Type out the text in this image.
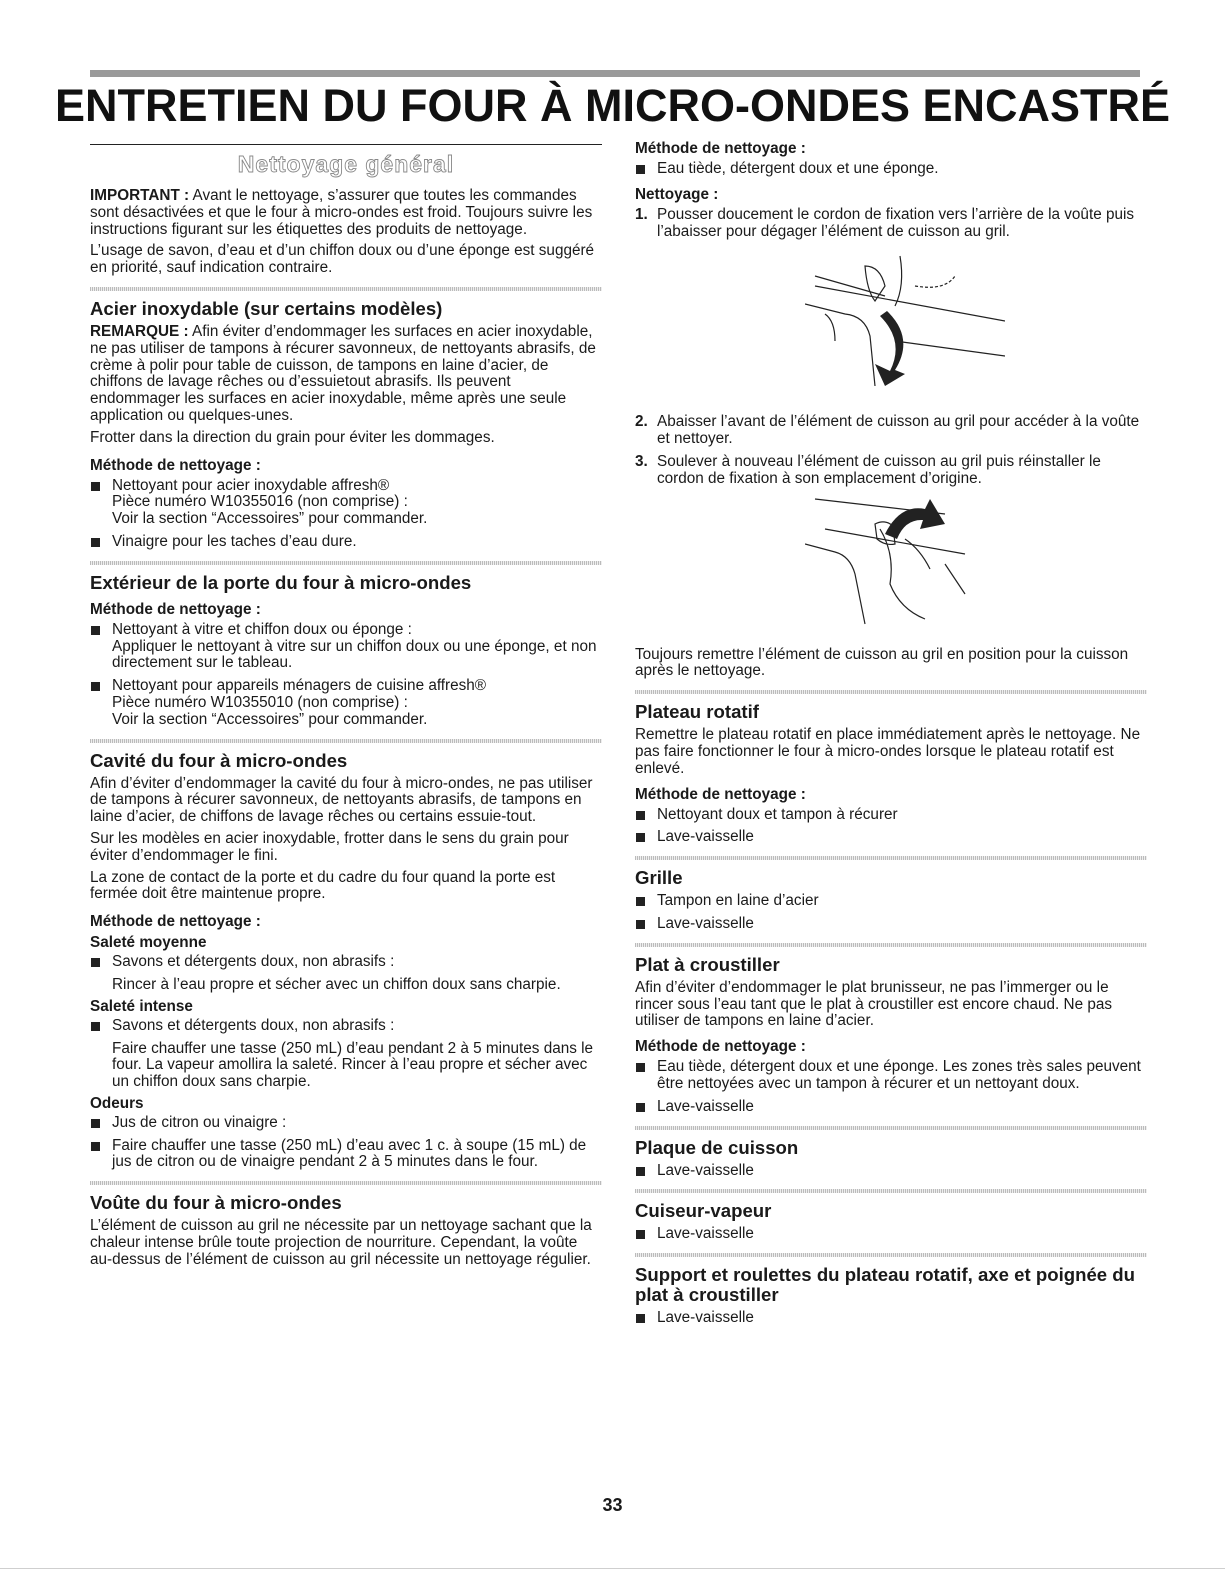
ENTRETIEN DU FOUR À MICRO-ONDES ENCASTRÉ
Nettoyage général

IMPORTANT : Avant le nettoyage, s’assurer que toutes les commandes sont désactivées et que le four à micro-ondes est froid. Toujours suivre les instructions figurant sur les étiquettes des produits de nettoyage.

L’usage de savon, d’eau et d’un chiffon doux ou d’une éponge est suggéré en priorité, sauf indication contraire.

Acier inoxydable (sur certains modèles)

REMARQUE : Afin éviter d’endommager les surfaces en acier inoxydable, ne pas utiliser de tampons à récurer savonneux, de nettoyants abrasifs, de crème à polir pour table de cuisson, de tampons en laine d’acier, de chiffons de lavage rêches ou d’essuietout abrasifs. Ils peuvent endommager les surfaces en acier inoxydable, même après une seule application ou quelques-unes.

Frotter dans la direction du grain pour éviter les dommages.

Méthode de nettoyage :
Nettoyant pour acier inoxydable affresh®
Pièce numéro W10355016 (non comprise) :
Voir la section “Accessoires” pour commander.
Vinaigre pour les taches d’eau dure.
Extérieur de la porte du four à micro-ondes
Méthode de nettoyage :
Nettoyant à vitre et chiffon doux ou éponge :
Appliquer le nettoyant à vitre sur un chiffon doux ou une éponge, et non directement sur le tableau.
Nettoyant pour appareils ménagers de cuisine affresh®
Pièce numéro W10355010 (non comprise) :
Voir la section “Accessoires” pour commander.
Cavité du four à micro-ondes

Afin d’éviter d’endommager la cavité du four à micro-ondes, ne pas utiliser de tampons à récurer savonneux, de nettoyants abrasifs, de tampons en laine d’acier, de chiffons de lavage rêches ou certains essuie-tout.

Sur les modèles en acier inoxydable, frotter dans le sens du grain pour éviter d’endommager le fini.

La zone de contact de la porte et du cadre du four quand la porte est fermée doit être maintenue propre.

Méthode de nettoyage :
Saleté moyenne
Savons et détergents doux, non abrasifs :
Rincer à l’eau propre et sécher avec un chiffon doux sans charpie.
Saleté intense
Savons et détergents doux, non abrasifs :
Faire chauffer une tasse (250 mL) d’eau pendant 2 à 5 minutes dans le four. La vapeur amollira la saleté. Rincer à l’eau propre et sécher avec un chiffon doux sans charpie.
Odeurs
Jus de citron ou vinaigre :
Faire chauffer une tasse (250 mL) d’eau avec 1 c. à soupe (15 mL) de jus de citron ou de vinaigre pendant 2 à 5 minutes dans le four.
Voûte du four à micro-ondes

L’élément de cuisson au gril ne nécessite par un nettoyage sachant que la chaleur intense brûle toute projection de nourriture. Cependant, la voûte au-dessus de l’élément de cuisson au gril nécessite un nettoyage régulier.

Méthode de nettoyage :
Eau tiède, détergent doux et une éponge.
Nettoyage :
1. Pousser doucement le cordon de fixation vers l’arrière de la voûte puis l’abaisser pour dégager l’élément de cuisson au gril.
2. Abaisser l’avant de l’élément de cuisson au gril pour accéder à la voûte et nettoyer.
3. Soulever à nouveau l’élément de cuisson au gril puis réinstaller le cordon de fixation à son emplacement d’origine.

Toujours remettre l’élément de cuisson au gril en position pour la cuisson après le nettoyage.

Plateau rotatif

Remettre le plateau rotatif en place immédiatement après le nettoyage. Ne pas faire fonctionner le four à micro-ondes lorsque le plateau rotatif est enlevé.

Méthode de nettoyage :
Nettoyant doux et tampon à récurer
Lave-vaisselle
Grille
Tampon en laine d’acier
Lave-vaisselle
Plat à croustiller

Afin d’éviter d’endommager le plat brunisseur, ne pas l’immerger ou le rincer sous l’eau tant que le plat à croustiller est encore chaud. Ne pas utiliser de tampons en laine d’acier.

Méthode de nettoyage :
Eau tiède, détergent doux et une éponge. Les zones très sales peuvent être nettoyées avec un tampon à récurer et un nettoyant doux.
Lave-vaisselle
Plaque de cuisson
Lave-vaisselle
Cuiseur-vapeur
Lave-vaisselle
Support et roulettes du plateau rotatif, axe et poignée du plat à croustiller
Lave-vaisselle
33
